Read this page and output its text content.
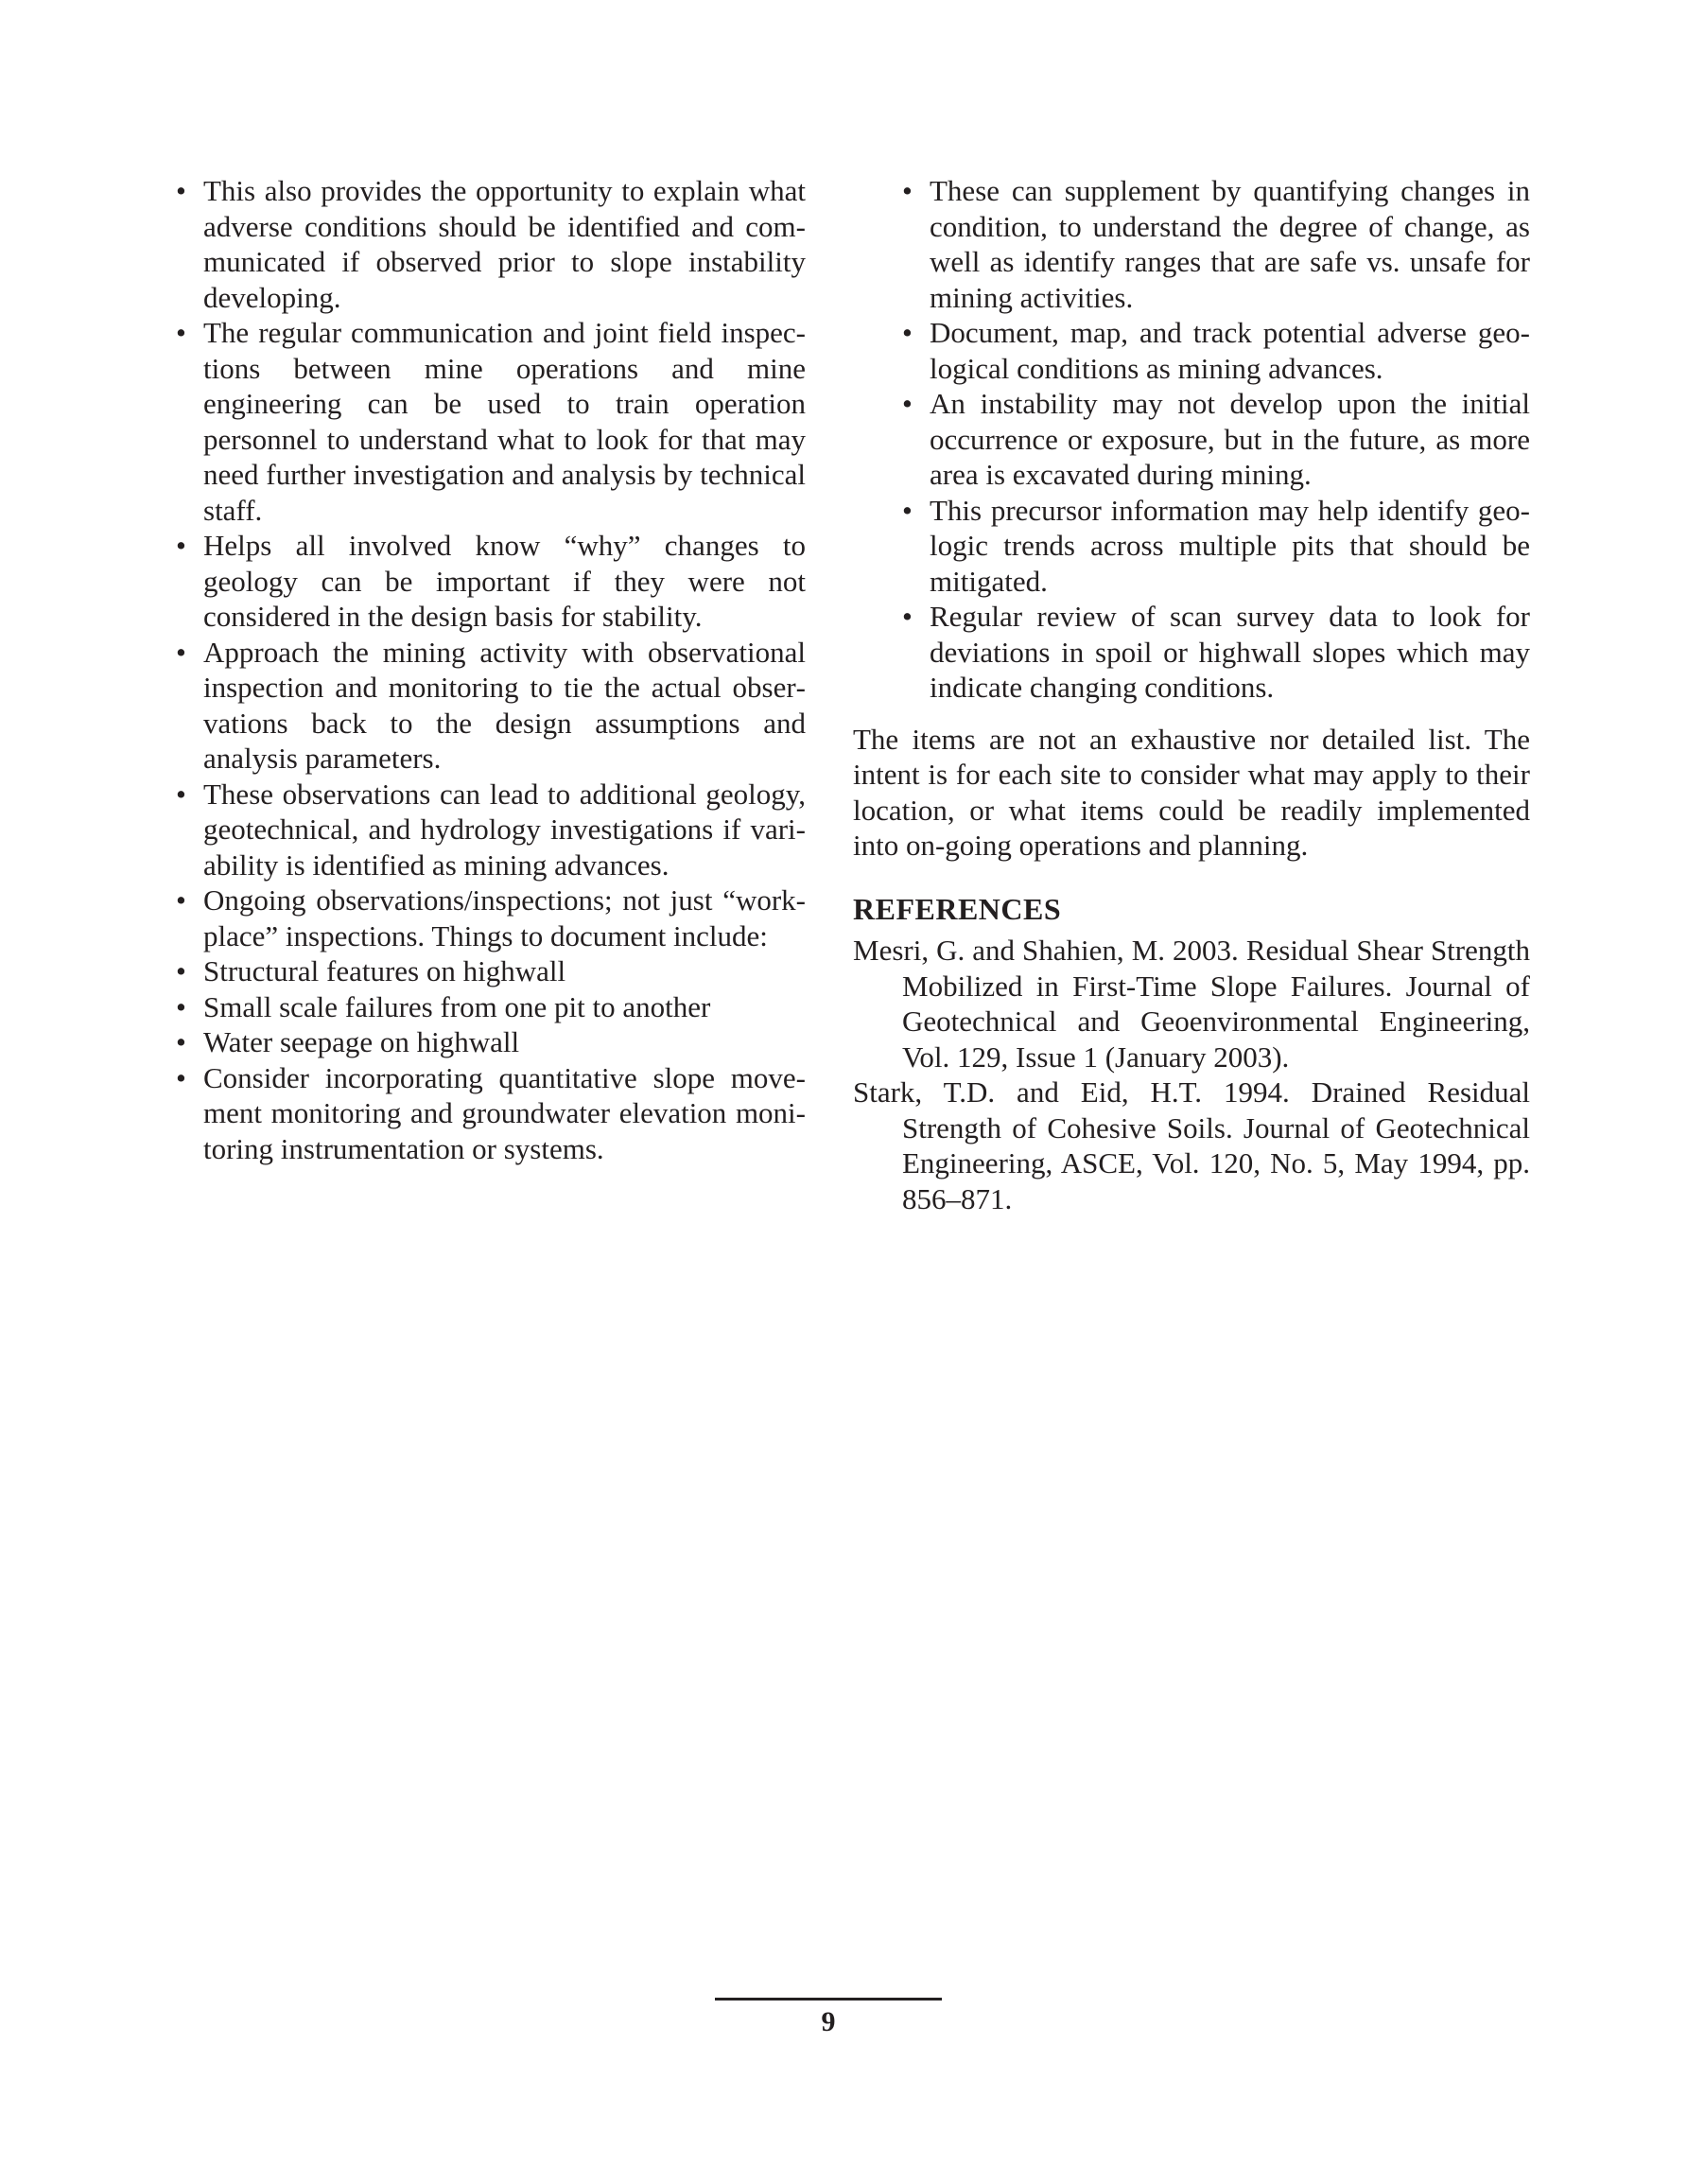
• This also provides the opportunity to explain what adverse conditions should be identified and communicated if observed prior to slope instability developing.
• The regular communication and joint field inspections between mine operations and mine engineering can be used to train operation personnel to understand what to look for that may need further investigation and analysis by technical staff.
• Helps all involved know “why” changes to geology can be important if they were not considered in the design basis for stability.
• Approach the mining activity with observational inspection and monitoring to tie the actual observations back to the design assumptions and analysis parameters.
• These observations can lead to additional geology, geotechnical, and hydrology investigations if variability is identified as mining advances.
• Ongoing observations/inspections; not just “workplace” inspections. Things to document include:
• Structural features on highwall
• Small scale failures from one pit to another
• Water seepage on highwall
• Consider incorporating quantitative slope movement monitoring and groundwater elevation monitoring instrumentation or systems.
• These can supplement by quantifying changes in condition, to understand the degree of change, as well as identify ranges that are safe vs. unsafe for mining activities.
• Document, map, and track potential adverse geological conditions as mining advances.
• An instability may not develop upon the initial occurrence or exposure, but in the future, as more area is excavated during mining.
• This precursor information may help identify geologic trends across multiple pits that should be mitigated.
• Regular review of scan survey data to look for deviations in spoil or highwall slopes which may indicate changing conditions.

The items are not an exhaustive nor detailed list. The intent is for each site to consider what may apply to their location, or what items could be readily implemented into on-going operations and planning.

REFERENCES

Mesri, G. and Shahien, M. 2003. Residual Shear Strength Mobilized in First-Time Slope Failures. Journal of Geotechnical and Geoenvironmental Engineering, Vol. 129, Issue 1 (January 2003).

Stark, T.D. and Eid, H.T. 1994. Drained Residual Strength of Cohesive Soils. Journal of Geotechnical Engineering, ASCE, Vol. 120, No. 5, May 1994, pp. 856–871.

9
